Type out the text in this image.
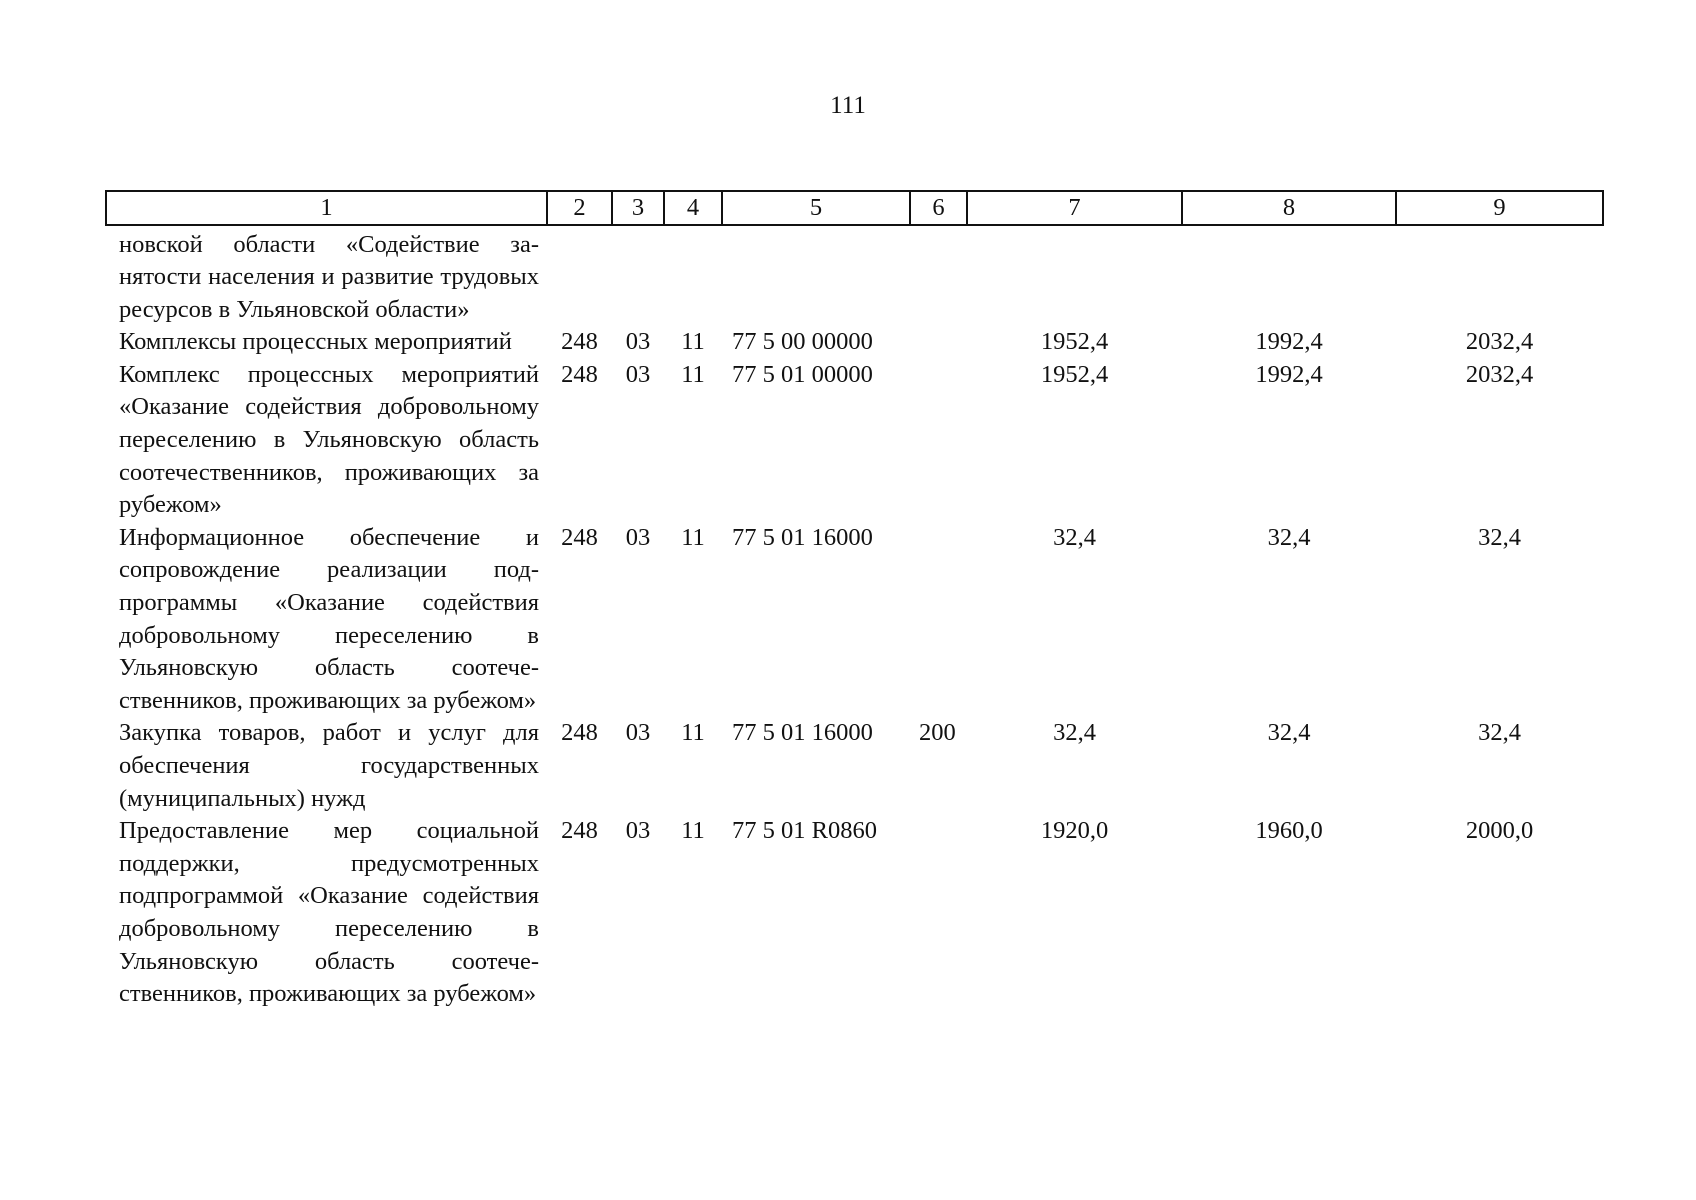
111
1	2	3	4	5	6	7	8	9
новской области «Содействие занятости населения и развитие трудовых ресурсов в Ульяновской области»								
Комплексы процессных мероприятий	248	03	11	77 5 00 00000		1952,4	1992,4	2032,4
Комплекс процессных мероприятий «Оказание содействия добровольному переселению в Ульяновскую область соотечественников, проживающих за рубежом»	248	03	11	77 5 01 00000		1952,4	1992,4	2032,4
Информационное обеспечение и сопровождение реализации подпрограммы «Оказание содействия добровольному переселению в Ульяновскую область соотечественников, проживающих за рубежом»	248	03	11	77 5 01 16000		32,4	32,4	32,4
Закупка товаров, работ и услуг для обеспечения государственных (муниципальных) нужд	248	03	11	77 5 01 16000	200	32,4	32,4	32,4
Предоставление мер социальной поддержки, предусмотренных подпрограммой «Оказание содействия добровольному переселению в Ульяновскую область соотечественников, проживающих за рубежом»	248	03	11	77 5 01 R0860		1920,0	1960,0	2000,0
